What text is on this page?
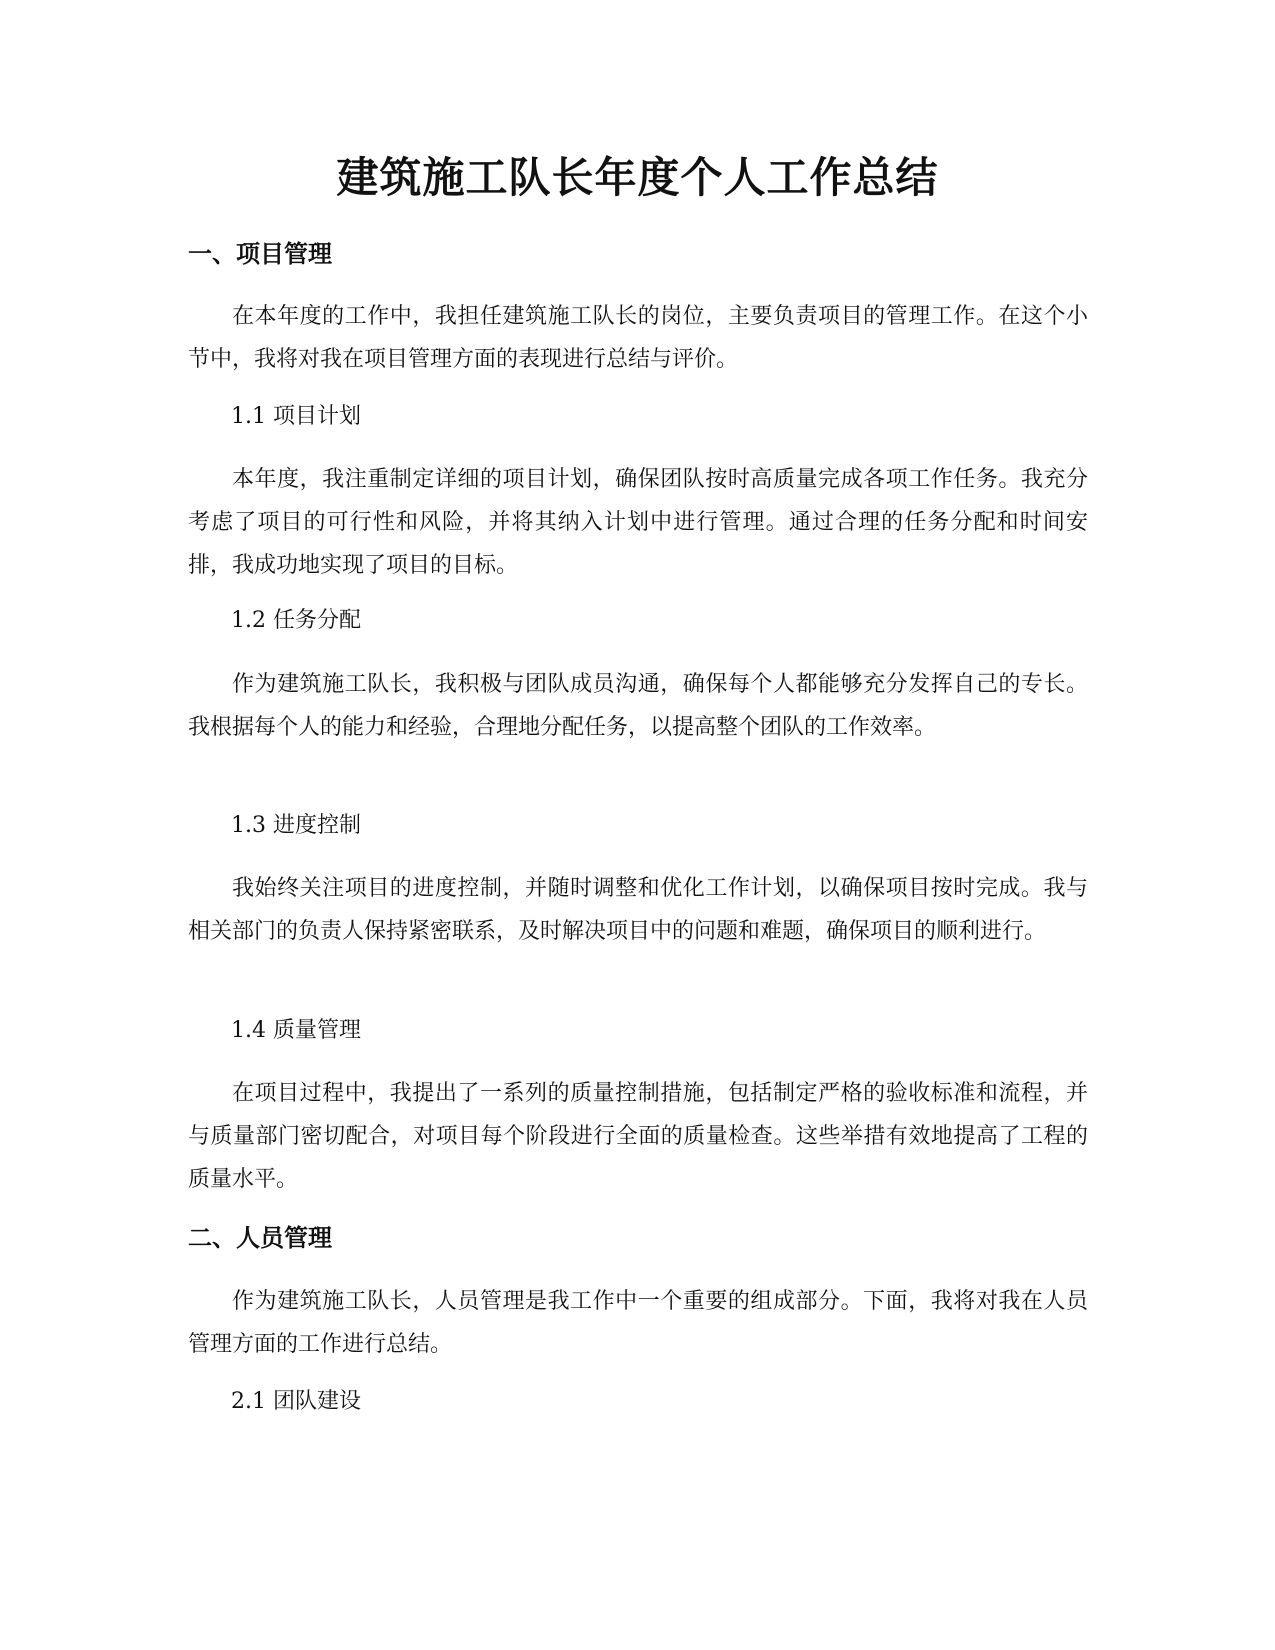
建筑施工队长年度个人工作总结
一、项目管理

在本年度的工作中，我担任建筑施工队长的岗位，主要负责项目的管理工作。在这个小节中，我将对我在项目管理方面的表现进行总结与评价。

1.1 项目计划

本年度，我注重制定详细的项目计划，确保团队按时高质量完成各项工作任务。我充分考虑了项目的可行性和风险，并将其纳入计划中进行管理。通过合理的任务分配和时间安排，我成功地实现了项目的目标。

1.2 任务分配

作为建筑施工队长，我积极与团队成员沟通，确保每个人都能够充分发挥自己的专长。我根据每个人的能力和经验，合理地分配任务，以提高整个团队的工作效率。

1.3 进度控制

我始终关注项目的进度控制，并随时调整和优化工作计划，以确保项目按时完成。我与相关部门的负责人保持紧密联系，及时解决项目中的问题和难题，确保项目的顺利进行。

1.4 质量管理

在项目过程中，我提出了一系列的质量控制措施，包括制定严格的验收标准和流程，并与质量部门密切配合，对项目每个阶段进行全面的质量检查。这些举措有效地提高了工程的质量水平。

二、人员管理

作为建筑施工队长，人员管理是我工作中一个重要的组成部分。下面，我将对我在人员管理方面的工作进行总结。

2.1 团队建设
